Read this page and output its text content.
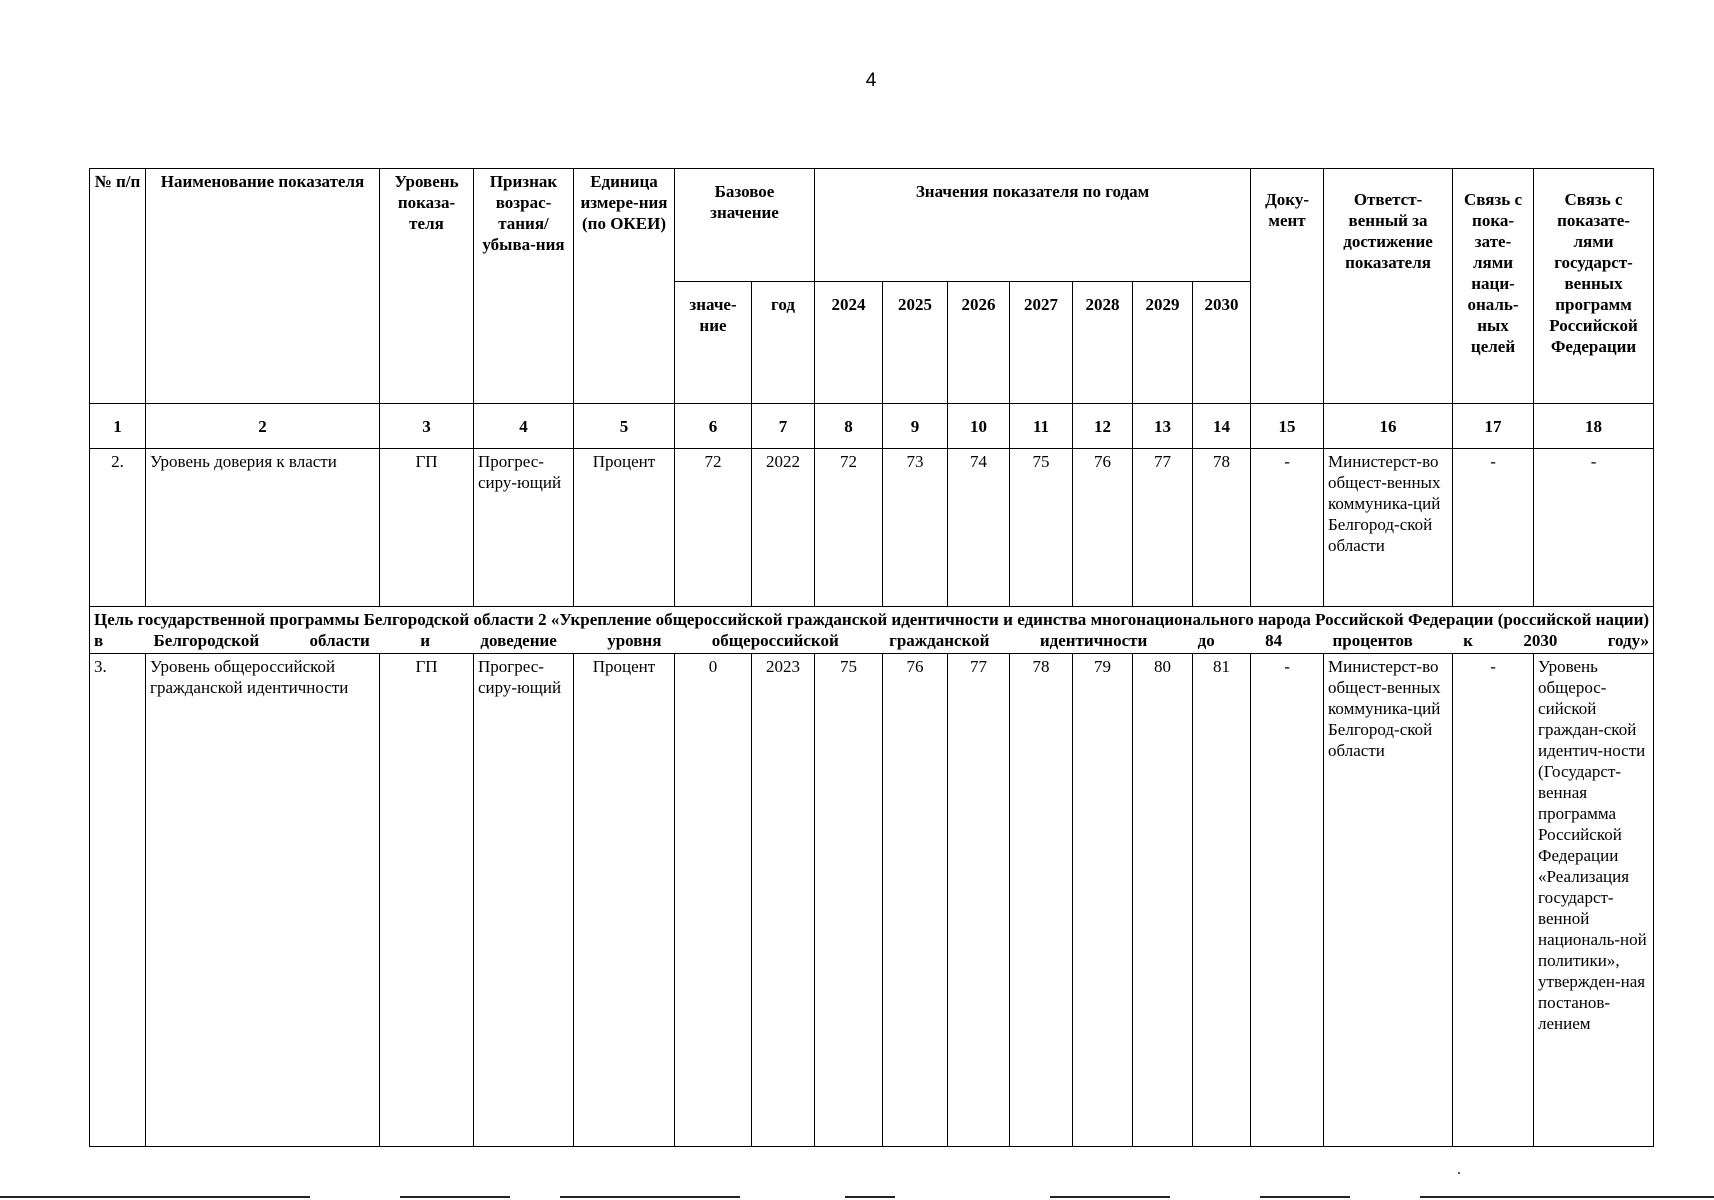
4
№ п/п	Наименование показателя	Уровень показа-теля	Признак возрас-тания/ убыва-ния	Единица измере-ния (по ОКЕИ)	Базовое значение		Значения показателя по годам							Доку-мент	Ответст-венный за достижение показателя	Связь с пока-зате-лями наци-ональ-ных целей	Связь с показате-лями государст-венных программ Российской Федерации
					значе-ние	год	2024	2025	2026	2027	2028	2029	2030				
1	2	3	4	5	6	7	8	9	10	11	12	13	14	15	16	17	18
2.	Уровень доверия к власти	ГП	Прогрес-сиру-ющий	Процент	72	2022	72	73	74	75	76	77	78	-	Министерст-во общест-венных коммуника-ций Белгород-ской области	-	-
Цель государственной программы Белгородской области 2 «Укрепление общероссийской гражданской идентичности и единства многонационального народа Российской Федерации (российской нации) в Белгородской области и доведение уровня общероссийской гражданской идентичности до 84 процентов к 2030 году»																	
3.	Уровень общероссийской гражданской идентичности	ГП	Прогрес-сиру-ющий	Процент	0	2023	75	76	77	78	79	80	81	-	Министерст-во общест-венных коммуника-ций Белгород-ской области	-	Уровень общерос-сийской граждан-ской идентич-ности (Государст-венная программа Российской Федерации «Реализация государст-венной националь-ной политики», утвержден-ная постанов-лением
